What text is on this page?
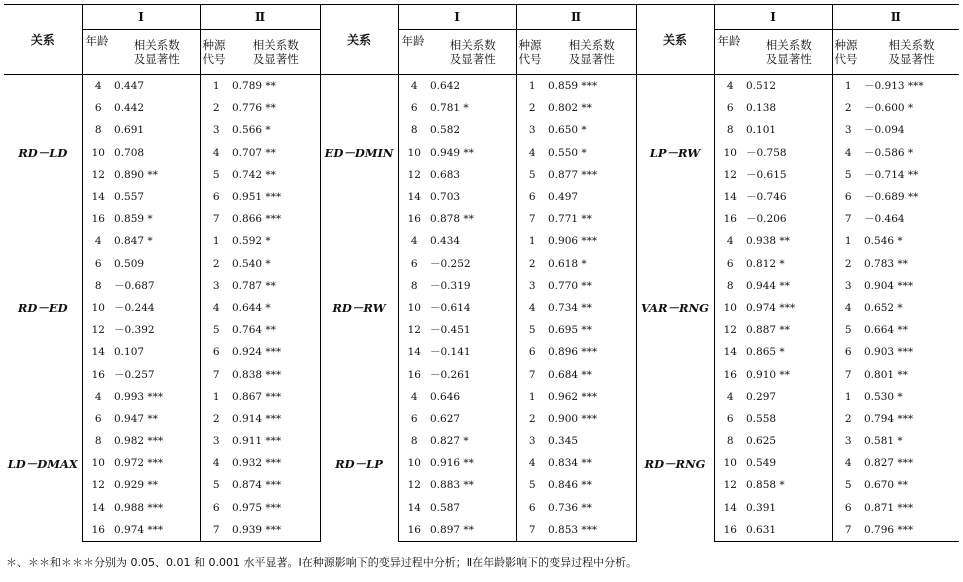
关系	Ⅰ		Ⅱ		关系	Ⅰ		Ⅱ		关系	Ⅰ		Ⅱ	
	年龄	相关系数
及显著性	种源
代号	相关系数
及显著性		年龄	相关系数
及显著性	种源
代号	相关系数
及显著性		年龄	相关系数
及显著性	种源
代号	相关系数
及显著性
RD－LD	4	0.447	1	0.789 **	ED－DMIN	4	0.642	1	0.859 ***	LP－RW	4	0.512	1	－0.913 ***
	6	0.442	2	0.776 **		6	0.781 *	2	0.802 **		6	0.138	2	－0.600 *
	8	0.691	3	0.566 *		8	0.582	3	0.650 *		8	0.101	3	－0.094
	10	0.708	4	0.707 **		10	0.949 **	4	0.550 *		10	－0.758	4	－0.586 *
	12	0.890 **	5	0.742 **		12	0.683	5	0.877 ***		12	－0.615	5	－0.714 **
	14	0.557	6	0.951 ***		14	0.703	6	0.497		14	－0.746	6	－0.689 **
	16	0.859 *	7	0.866 ***		16	0.878 **	7	0.771 **		16	－0.206	7	－0.464
RD－ED	4	0.847 *	1	0.592 *	RD－RW	4	0.434	1	0.906 ***	VAR－RNG	4	0.938 **	1	0.546 *
	6	0.509	2	0.540 *		6	－0.252	2	0.618 *		6	0.812 *	2	0.783 **
	8	－0.687	3	0.787 **		8	－0.319	3	0.770 **		8	0.944 **	3	0.904 ***
	10	－0.244	4	0.644 *		10	－0.614	4	0.734 **		10	0.974 ***	4	0.652 *
	12	－0.392	5	0.764 **		12	－0.451	5	0.695 **		12	0.887 **	5	0.664 **
	14	0.107	6	0.924 ***		14	－0.141	6	0.896 ***		14	0.865 *	6	0.903 ***
	16	－0.257	7	0.838 ***		16	－0.261	7	0.684 **		16	0.910 **	7	0.801 **
LD－DMAX	4	0.993 ***	1	0.867 ***	RD－LP	4	0.646	1	0.962 ***	RD－RNG	4	0.297	1	0.530 *
	6	0.947 **	2	0.914 ***		6	0.627	2	0.900 ***		6	0.558	2	0.794 ***
	8	0.982 ***	3	0.911 ***		8	0.827 *	3	0.345		8	0.625	3	0.581 *
	10	0.972 ***	4	0.932 ***		10	0.916 **	4	0.834 **		10	0.549	4	0.827 ***
	12	0.929 **	5	0.874 ***		12	0.883 **	5	0.846 **		12	0.858 *	5	0.670 **
	14	0.988 ***	6	0.975 ***		14	0.587	6	0.736 **		14	0.391	6	0.871 ***
	16	0.974 ***	7	0.939 ***		16	0.897 **	7	0.853 ***		16	0.631	7	0.796 ***
＊、＊＊和＊＊＊分别为 0.05、0.01 和 0.001 水平显著。Ⅰ在种源影响下的变异过程中分析；Ⅱ在年龄影响下的变异过程中分析。
